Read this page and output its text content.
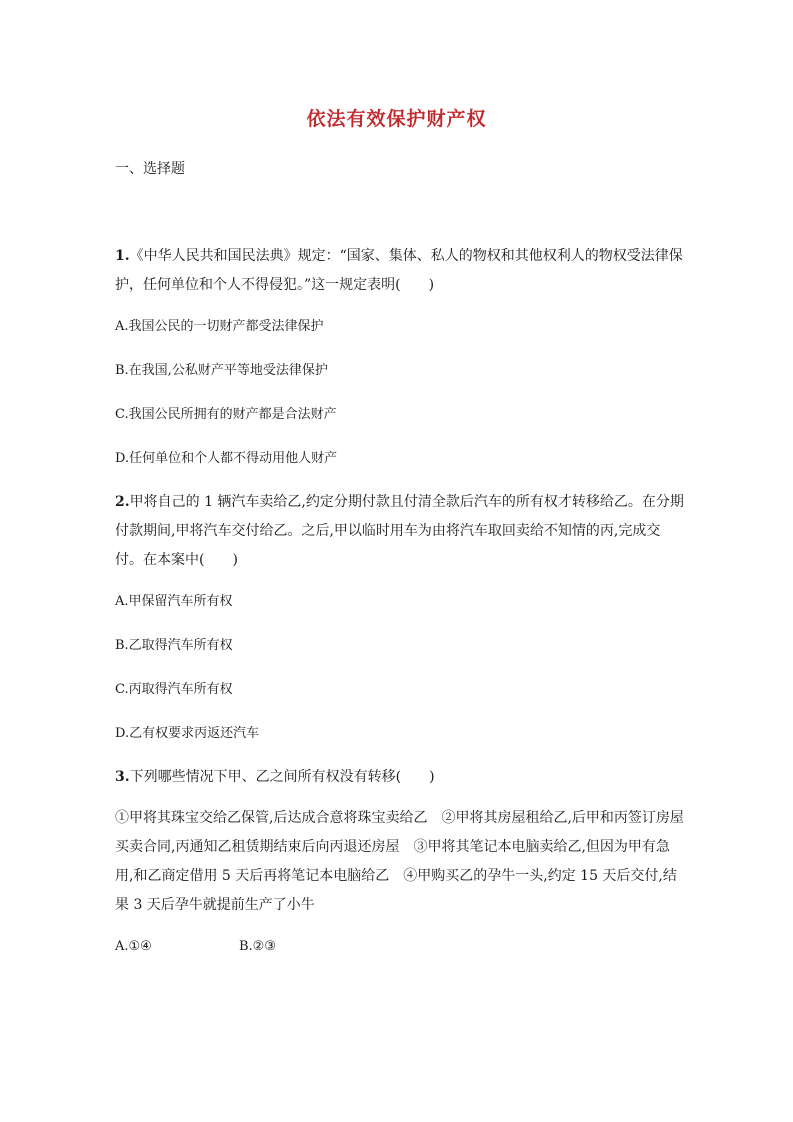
依法有效保护财产权
一、选择题

1.《中华人民共和国民法典》规定：“国家、集体、私人的物权和其他权利人的物权受法律保护，任何单位和个人不得侵犯。”这一规定表明(　　)

A.我国公民的一切财产都受法律保护

B.在我国,公私财产平等地受法律保护

C.我国公民所拥有的财产都是合法财产

D.任何单位和个人都不得动用他人财产

2.甲将自己的 1 辆汽车卖给乙,约定分期付款且付清全款后汽车的所有权才转移给乙。在分期付款期间,甲将汽车交付给乙。之后,甲以临时用车为由将汽车取回卖给不知情的丙,完成交付。在本案中(　　)

A.甲保留汽车所有权

B.乙取得汽车所有权

C.丙取得汽车所有权

D.乙有权要求丙返还汽车

3.下列哪些情况下甲、乙之间所有权没有转移(　　)

①甲将其珠宝交给乙保管,后达成合意将珠宝卖给乙　②甲将其房屋租给乙,后甲和丙签订房屋买卖合同,丙通知乙租赁期结束后向丙退还房屋　③甲将其笔记本电脑卖给乙,但因为甲有急用,和乙商定借用 5 天后再将笔记本电脑给乙　④甲购买乙的孕牛一头,约定 15 天后交付,结果 3 天后孕牛就提前生产了小牛

A.①④	B.②③
